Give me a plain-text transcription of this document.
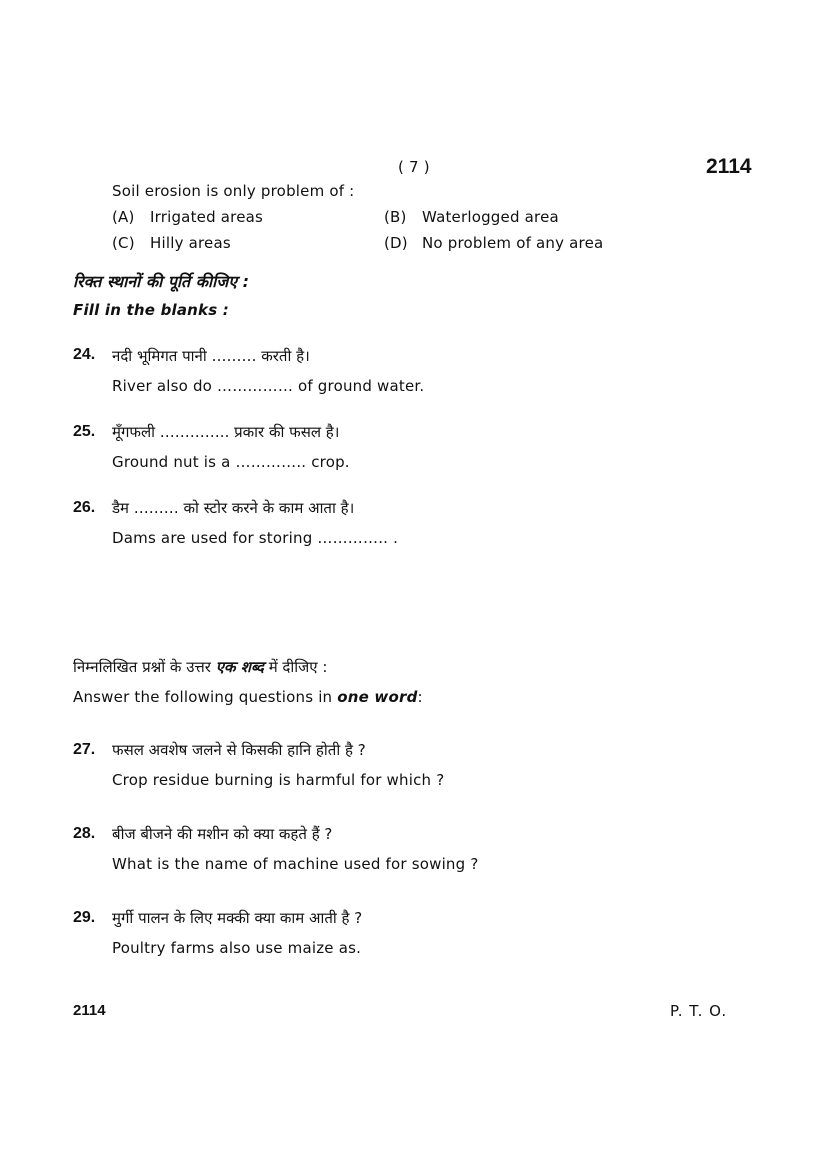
( 7 )	2114
Soil erosion is only problem of :
(A) Irrigated areas	(B) Waterlogged area
(C) Hilly areas	(D) No problem of any area
रिक्त स्थानों की पूर्ति कीजिए :
Fill in the blanks :
24. नदी भूमिगत पानी ……… करती है।
River also do …………… of ground water.
25. मूँगफली ………….. प्रकार की फसल है।
Ground nut is a ………….. crop.
26. डैम ……… को स्टोर करने के काम आता है।
Dams are used for storing ………….. .
निम्नलिखित प्रश्नों के उत्तर एक शब्द में दीजिए :
Answer the following questions in one word:
27. फसल अवशेष जलने से किसकी हानि होती है ?
Crop residue burning is harmful for which ?
28. बीज बीजने की मशीन को क्या कहते हैं ?
What is the name of machine used for sowing ?
29. मुर्गी पालन के लिए मक्की क्या काम आती है ?
Poultry farms also use maize as.
2114	P. T. O.
